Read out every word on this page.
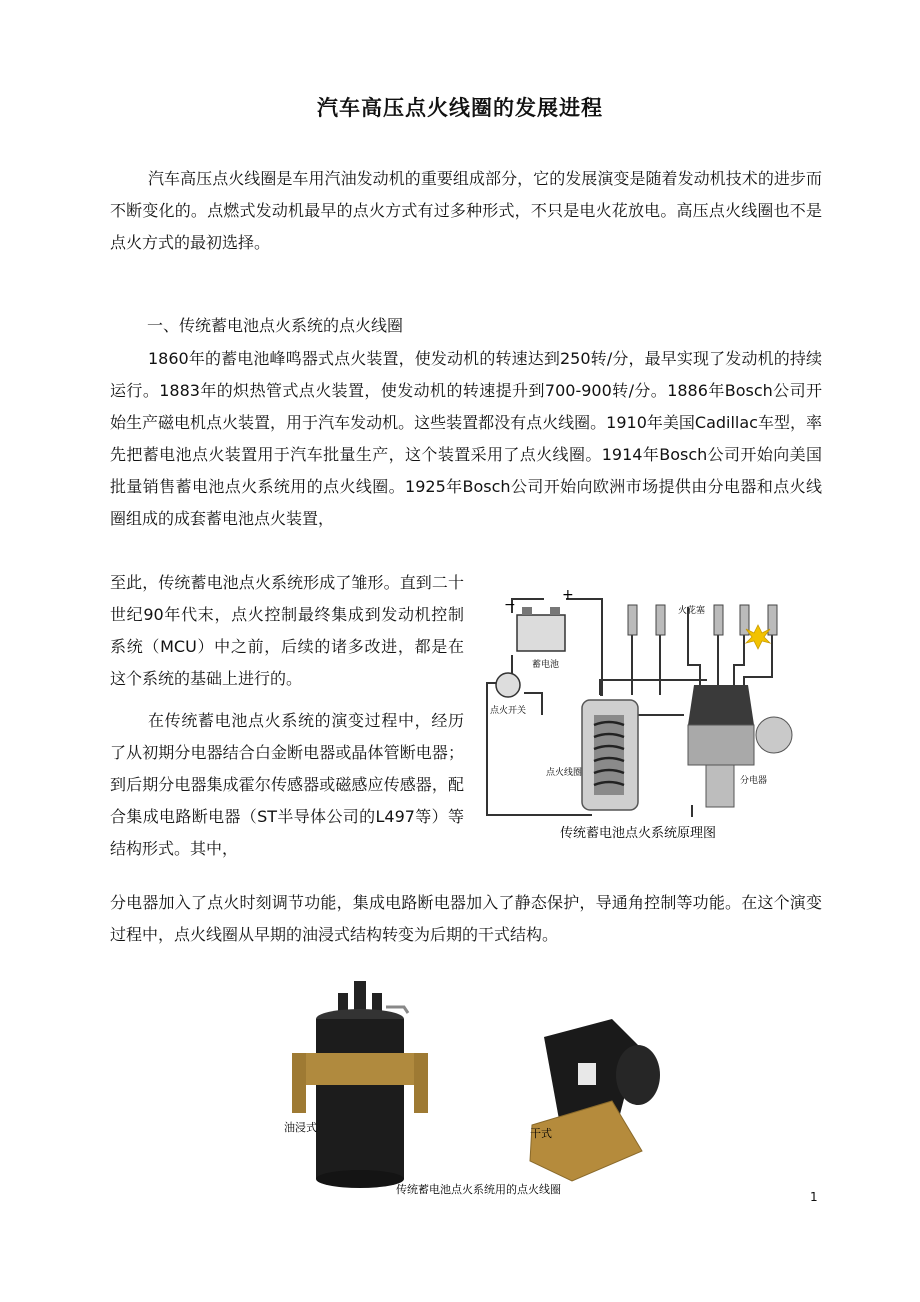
汽车高压点火线圈的发展进程

汽车高压点火线圈是车用汽油发动机的重要组成部分，它的发展演变是随着发动机技术的进步而不断变化的。点燃式发动机最早的点火方式有过多种形式，不只是电火花放电。高压点火线圈也不是点火方式的最初选择。

一、传统蓄电池点火系统的点火线圈

1860年的蓄电池峰鸣器式点火装置，使发动机的转速达到250转/分，最早实现了发动机的持续运行。1883年的炽热管式点火装置，使发动机的转速提升到700-900转/分。1886年Bosch公司开始生产磁电机点火装置，用于汽车发动机。这些装置都没有点火线圈。1910年美国Cadillac车型，率先把蓄电池点火装置用于汽车批量生产，这个装置采用了点火线圈。1914年Bosch公司开始向美国批量销售蓄电池点火系统用的点火线圈。1925年Bosch公司开始向欧洲市场提供由分电器和点火线圈组成的成套蓄电池点火装置，

至此，传统蓄电池点火系统形成了雏形。直到二十世纪90年代末，点火控制最终集成到发动机控制系统（MCU）中之前，后续的诸多改进，都是在这个系统的基础上进行的。

在传统蓄电池点火系统的演变过程中，经历了从初期分电器结合白金断电器或晶体管断电器；到后期分电器集成霍尔传感器或磁感应传感器，配合集成电路断电器（ST半导体公司的L497等）等结构形式。其中，

分电器加入了点火时刻调节功能，集成电路断电器加入了静态保护，导通角控制等功能。在这个演变过程中，点火线圈从早期的油浸式结构转变为后期的干式结构。

−
+
蓄电池
火花塞
点火开关
点火线圈
分电器
传统蓄电池点火系统原理图
油浸式	干式
传统蓄电池点火系统用的点火线圈
1
